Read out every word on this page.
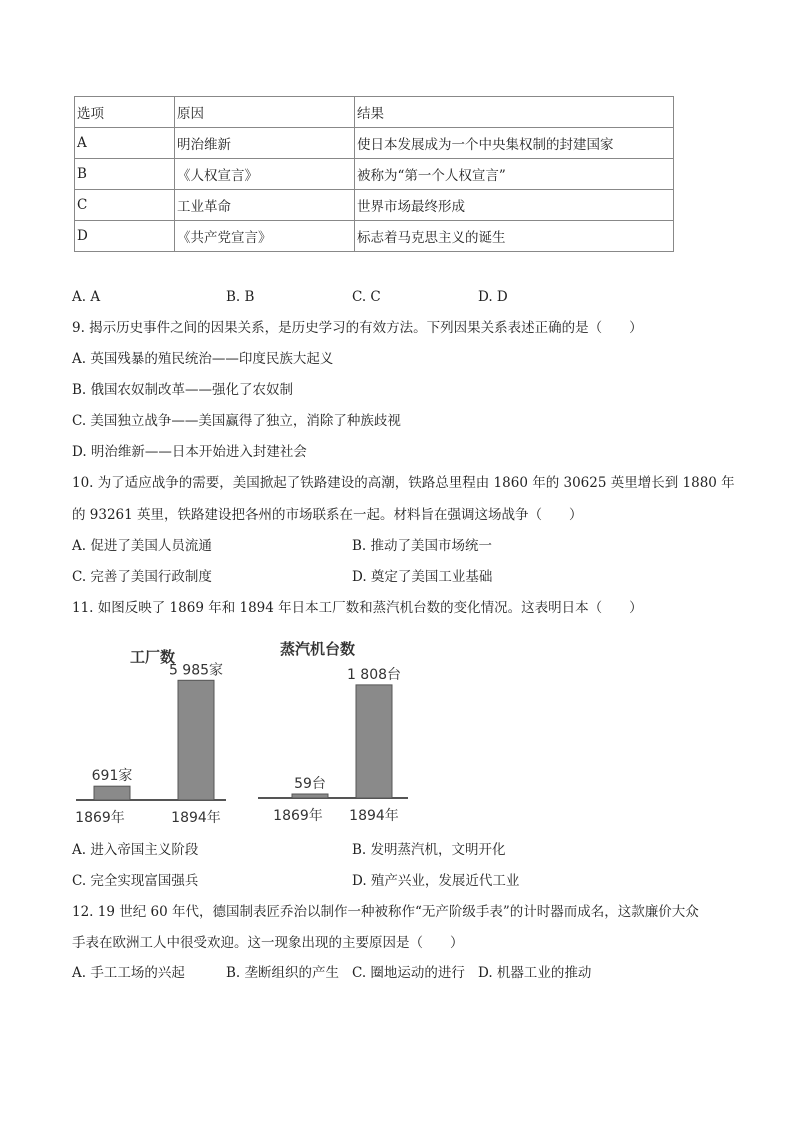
选项	原因	结果
A	明治维新	使日本发展成为一个中央集权制的封建国家
B	《人权宣言》	被称为“第一个人权宣言”
C	工业革命	世界市场最终形成
D	《共产党宣言》	标志着马克思主义的诞生
A. A	B. B	C. C	D. D
9. 揭示历史事件之间的因果关系，是历史学习的有效方法。下列因果关系表述正确的是（　　）
A. 英国残暴的殖民统治——印度民族大起义
B. 俄国农奴制改革——强化了农奴制
C. 美国独立战争——美国赢得了独立，消除了种族歧视
D. 明治维新——日本开始进入封建社会
10. 为了适应战争的需要，美国掀起了铁路建设的高潮，铁路总里程由 1860 年的 30625 英里增长到 1880 年
的 93261 英里，铁路建设把各州的市场联系在一起。材料旨在强调这场战争（　　）
A. 促进了美国人员流通	B. 推动了美国市场统一
C. 完善了美国行政制度	D. 奠定了美国工业基础
11. 如图反映了 1869 年和 1894 年日本工厂数和蒸汽机台数的变化情况。这表明日本（　　）
工厂数
691家
1869年
5 985家
1894年
蒸汽机台数
59台
1869年
1 808台
1894年
A. 进入帝国主义阶段	B. 发明蒸汽机，文明开化
C. 完全实现富国强兵	D. 殖产兴业，发展近代工业
12. 19 世纪 60 年代，德国制表匠乔治以制作一种被称作“无产阶级手表”的计时器而成名，这款廉价大众
手表在欧洲工人中很受欢迎。这一现象出现的主要原因是（　　）
A. 手工工场的兴起	B. 垄断组织的产生 C. 圈地运动的进行 D. 机器工业的推动
